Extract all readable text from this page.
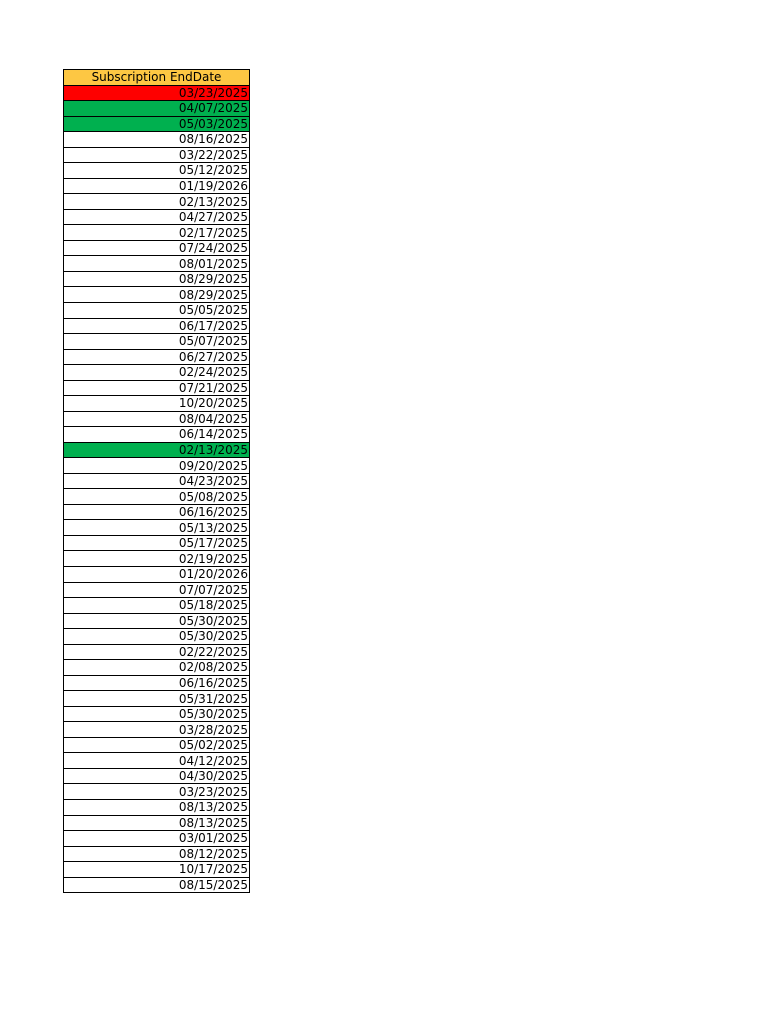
Subscription EndDate
03/23/2025
04/07/2025
05/03/2025
08/16/2025
03/22/2025
05/12/2025
01/19/2026
02/13/2025
04/27/2025
02/17/2025
07/24/2025
08/01/2025
08/29/2025
08/29/2025
05/05/2025
06/17/2025
05/07/2025
06/27/2025
02/24/2025
07/21/2025
10/20/2025
08/04/2025
06/14/2025
02/13/2025
09/20/2025
04/23/2025
05/08/2025
06/16/2025
05/13/2025
05/17/2025
02/19/2025
01/20/2026
07/07/2025
05/18/2025
05/30/2025
05/30/2025
02/22/2025
02/08/2025
06/16/2025
05/31/2025
05/30/2025
03/28/2025
05/02/2025
04/12/2025
04/30/2025
03/23/2025
08/13/2025
08/13/2025
03/01/2025
08/12/2025
10/17/2025
08/15/2025
